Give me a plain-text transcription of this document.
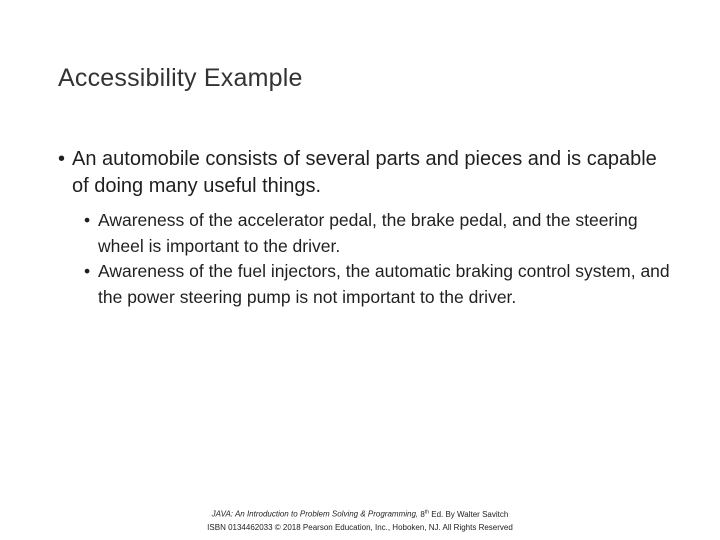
Accessibility Example
• An automobile consists of several parts and pieces and is capable of doing many useful things.
• Awareness of the accelerator pedal, the brake pedal, and the steering wheel is important to the driver.
• Awareness of the fuel injectors, the automatic braking control system, and the power steering pump is not important to the driver.
JAVA: An Introduction to Problem Solving & Programming, 8th Ed. By Walter Savitch
ISBN 0134462033 © 2018 Pearson Education, Inc., Hoboken, NJ. All Rights Reserved
